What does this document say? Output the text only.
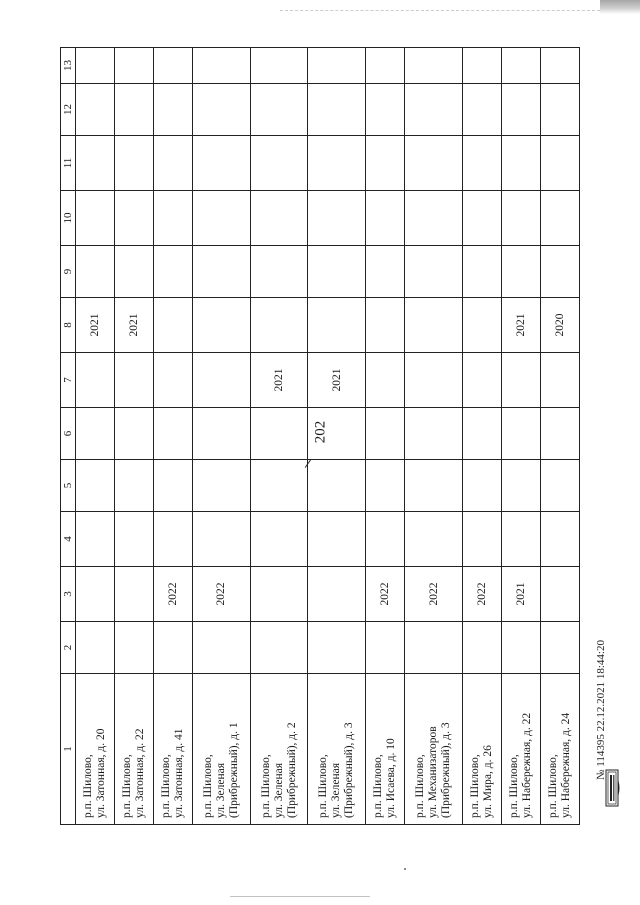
202
1	2	3	4	5	6	7	8	9	10	11	12	13

р.п. Шилово, ул. Затонная, д. 20							2021					

р.п. Шилово, ул. Затонная, д. 22							2021					

р.п. Шилово, ул. Затонная, д. 41		2022										

р.п. Шилово, ул. Зеленая (Прибрежный), д. 1		2022										

р.п. Шилово, ул. Зеленая (Прибрежный), д. 2						2021						

р.п. Шилово, ул. Зеленая (Прибрежный), д. 3						2021						

р.п. Шилово, ул. Исаева, д. 10		2022										

р.п. Шилово, ул. Механизаторов (Прибрежный), д. 3		2022										

р.п. Шилово, ул. Мира, д. 26		2022										

р.п. Шилово, ул. Набережная, д. 22		2021					2021					

р.п. Шилово, ул. Набережная, д. 24							2020					
№ 114395 22.12.2021 18:44:20
